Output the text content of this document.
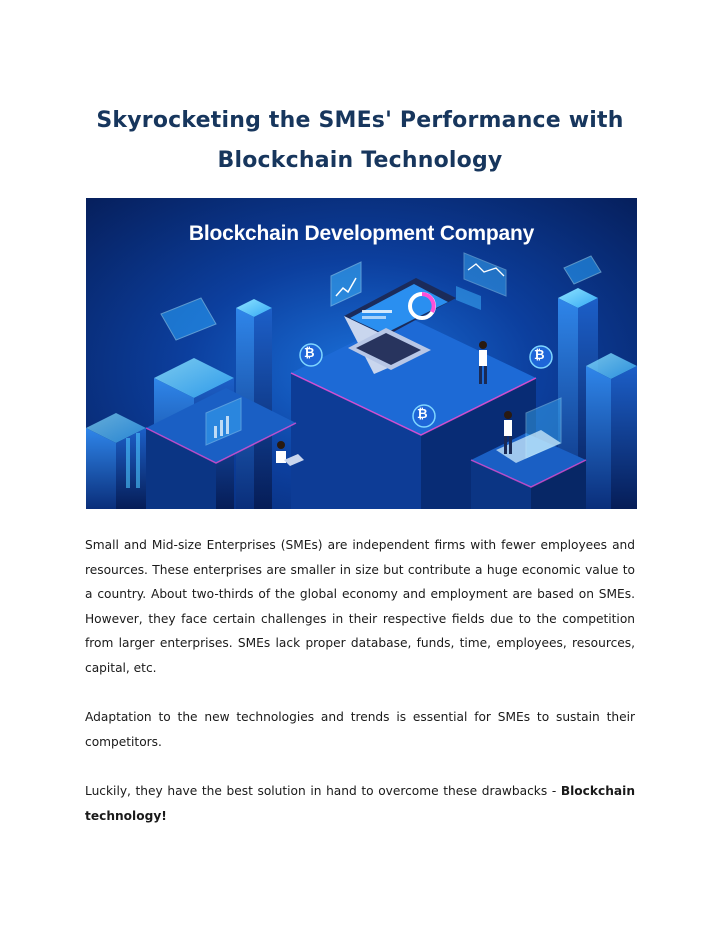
Skyrocketing the SMEs' Performance with
Blockchain Technology
Blockchain Development Company
₿	₿
₿

Small and Mid-size Enterprises (SMEs) are independent firms with fewer employees and resources. These enterprises are smaller in size but contribute a huge economic value to a country. About two-thirds of the global economy and employment are based on SMEs. However, they face certain challenges in their respective fields due to the competition from larger enterprises. SMEs lack proper database, funds, time, employees, resources, capital, etc.

Adaptation to the new technologies and trends is essential for SMEs to sustain their competitors.

Luckily, they have the best solution in hand to overcome these drawbacks - Blockchain technology!
